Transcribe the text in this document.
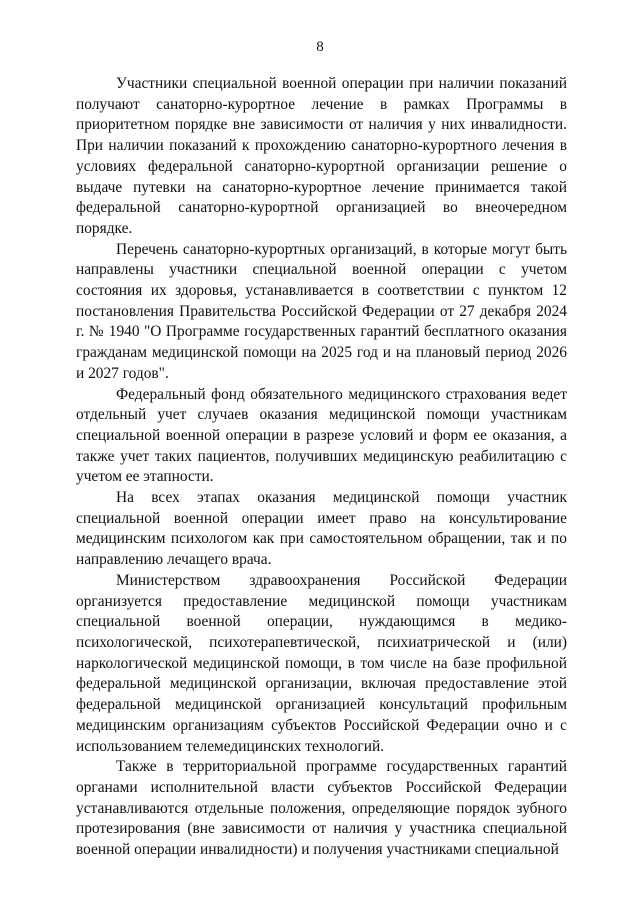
8

Участники специальной военной операции при наличии показаний получают санаторно-курортное лечение в рамках Программы в приоритетном порядке вне зависимости от наличия у них инвалидности. При наличии показаний к прохождению санаторно-курортного лечения в условиях федеральной санаторно-курортной организации решение о выдаче путевки на санаторно-курортное лечение принимается такой федеральной санаторно-курортной организацией во внеочередном порядке.

Перечень санаторно-курортных организаций, в которые могут быть направлены участники специальной военной операции с учетом состояния их здоровья, устанавливается в соответствии с пунктом 12 постановления Правительства Российской Федерации от 27 декабря 2024 г. № 1940 "О Программе государственных гарантий бесплатного оказания гражданам медицинской помощи на 2025 год и на плановый период 2026 и 2027 годов".

Федеральный фонд обязательного медицинского страхования ведет отдельный учет случаев оказания медицинской помощи участникам специальной военной операции в разрезе условий и форм ее оказания, а также учет таких пациентов, получивших медицинскую реабилитацию с учетом ее этапности.

На всех этапах оказания медицинской помощи участник специальной военной операции имеет право на консультирование медицинским психологом как при самостоятельном обращении, так и по направлению лечащего врача.

Министерством здравоохранения Российской Федерации организуется предоставление медицинской помощи участникам специальной военной операции, нуждающимся в медико-психологической, психотерапевтической, психиатрической и (или) наркологической медицинской помощи, в том числе на базе профильной федеральной медицинской организации, включая предоставление этой федеральной медицинской организацией консультаций профильным медицинским организациям субъектов Российской Федерации очно и с использованием телемедицинских технологий.

Также в территориальной программе государственных гарантий органами исполнительной власти субъектов Российской Федерации устанавливаются отдельные положения, определяющие порядок зубного протезирования (вне зависимости от наличия у участника специальной военной операции инвалидности) и получения участниками специальной
